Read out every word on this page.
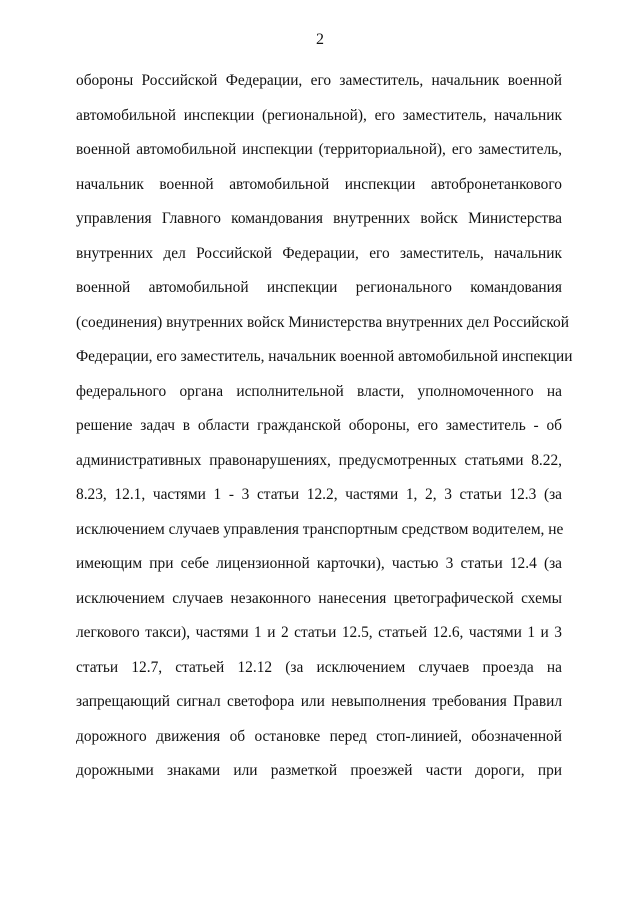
2
обороны Российской Федерации, его заместитель, начальник военной
автомобильной инспекции (региональной), его заместитель, начальник
военной автомобильной инспекции (территориальной), его заместитель,
начальник военной автомобильной инспекции автобронетанкового
управления Главного командования внутренних войск Министерства
внутренних дел Российской Федерации, его заместитель, начальник
военной автомобильной инспекции регионального командования
(соединения) внутренних войск Министерства внутренних дел Российской
Федерации, его заместитель, начальник военной автомобильной инспекции
федерального органа исполнительной власти, уполномоченного на
решение задач в области гражданской обороны, его заместитель - об
административных правонарушениях, предусмотренных статьями 8.22,
8.23, 12.1, частями 1 - 3 статьи 12.2, частями 1, 2, 3 статьи 12.3 (за
исключением случаев управления транспортным средством водителем, не
имеющим при себе лицензионной карточки), частью 3 статьи 12.4 (за
исключением случаев незаконного нанесения цветографической схемы
легкового такси), частями 1 и 2 статьи 12.5, статьей 12.6, частями 1 и 3
статьи 12.7, статьей 12.12 (за исключением случаев проезда на
запрещающий сигнал светофора или невыполнения требования Правил
дорожного движения об остановке перед стоп-линией, обозначенной
дорожными знаками или разметкой проезжей части дороги, при
